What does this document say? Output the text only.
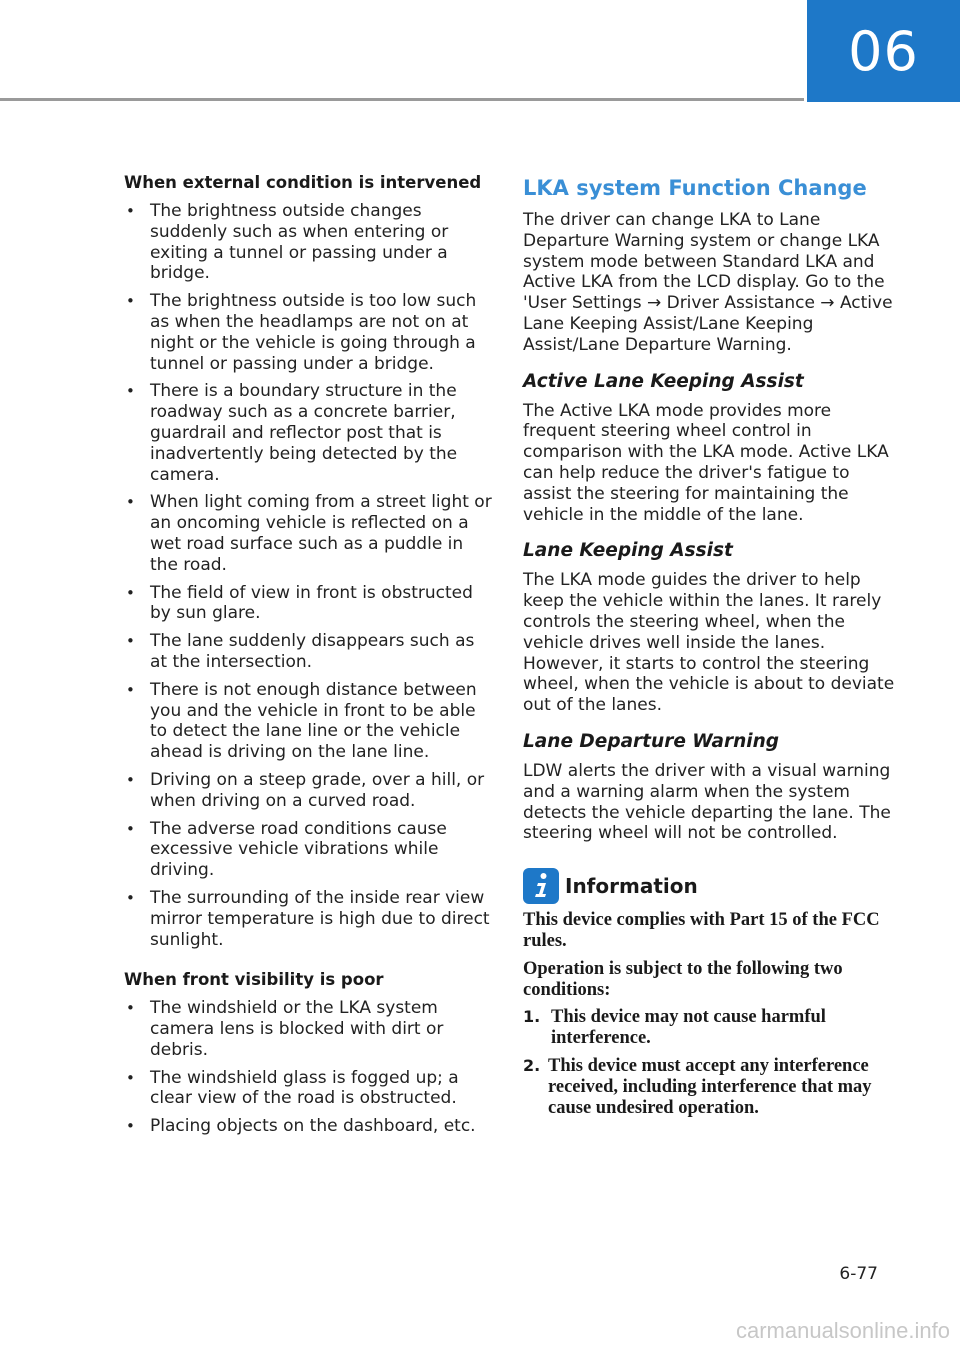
06
When external condition is intervened
• The brightness outside changes suddenly such as when entering or exiting a tunnel or passing under a bridge.
• The brightness outside is too low such as when the headlamps are not on at night or the vehicle is going through a tunnel or passing under a bridge.
• There is a boundary structure in the roadway such as a concrete barrier, guardrail and reflector post that is inadvertently being detected by the camera.
• When light coming from a street light or an oncoming vehicle is reflected on a wet road surface such as a puddle in the road.
• The field of view in front is obstructed by sun glare.
• The lane suddenly disappears such as at the intersection.
• There is not enough distance between you and the vehicle in front to be able to detect the lane line or the vehicle ahead is driving on the lane line.
• Driving on a steep grade, over a hill, or when driving on a curved road.
• The adverse road conditions cause excessive vehicle vibrations while driving.
• The surrounding of the inside rear view mirror temperature is high due to direct sunlight.
When front visibility is poor
• The windshield or the LKA system camera lens is blocked with dirt or debris.
• The windshield glass is fogged up; a clear view of the road is obstructed.
• Placing objects on the dashboard, etc.
LKA system Function Change

The driver can change LKA to Lane Departure Warning system or change LKA system mode between Standard LKA and Active LKA from the LCD display. Go to the 'User Settings → Driver Assistance → Active Lane Keeping Assist/Lane Keeping Assist/Lane Departure Warning.

Active Lane Keeping Assist

The Active LKA mode provides more frequent steering wheel control in comparison with the LKA mode. Active LKA can help reduce the driver's fatigue to assist the steering for maintaining the vehicle in the middle of the lane.

Lane Keeping Assist

The LKA mode guides the driver to help keep the vehicle within the lanes. It rarely controls the steering wheel, when the vehicle drives well inside the lanes. However, it starts to control the steering wheel, when the vehicle is about to deviate out of the lanes.

Lane Departure Warning

LDW alerts the driver with a visual warning and a warning alarm when the system detects the vehicle departing the lane. The steering wheel will not be controlled.

Information

This device complies with Part 15 of the FCC rules.

Operation is subject to the following two conditions:

1. This device may not cause harmful interference.
2. This device must accept any interference received, including interference that may cause undesired operation.
6-77
carmanualsonline.info
